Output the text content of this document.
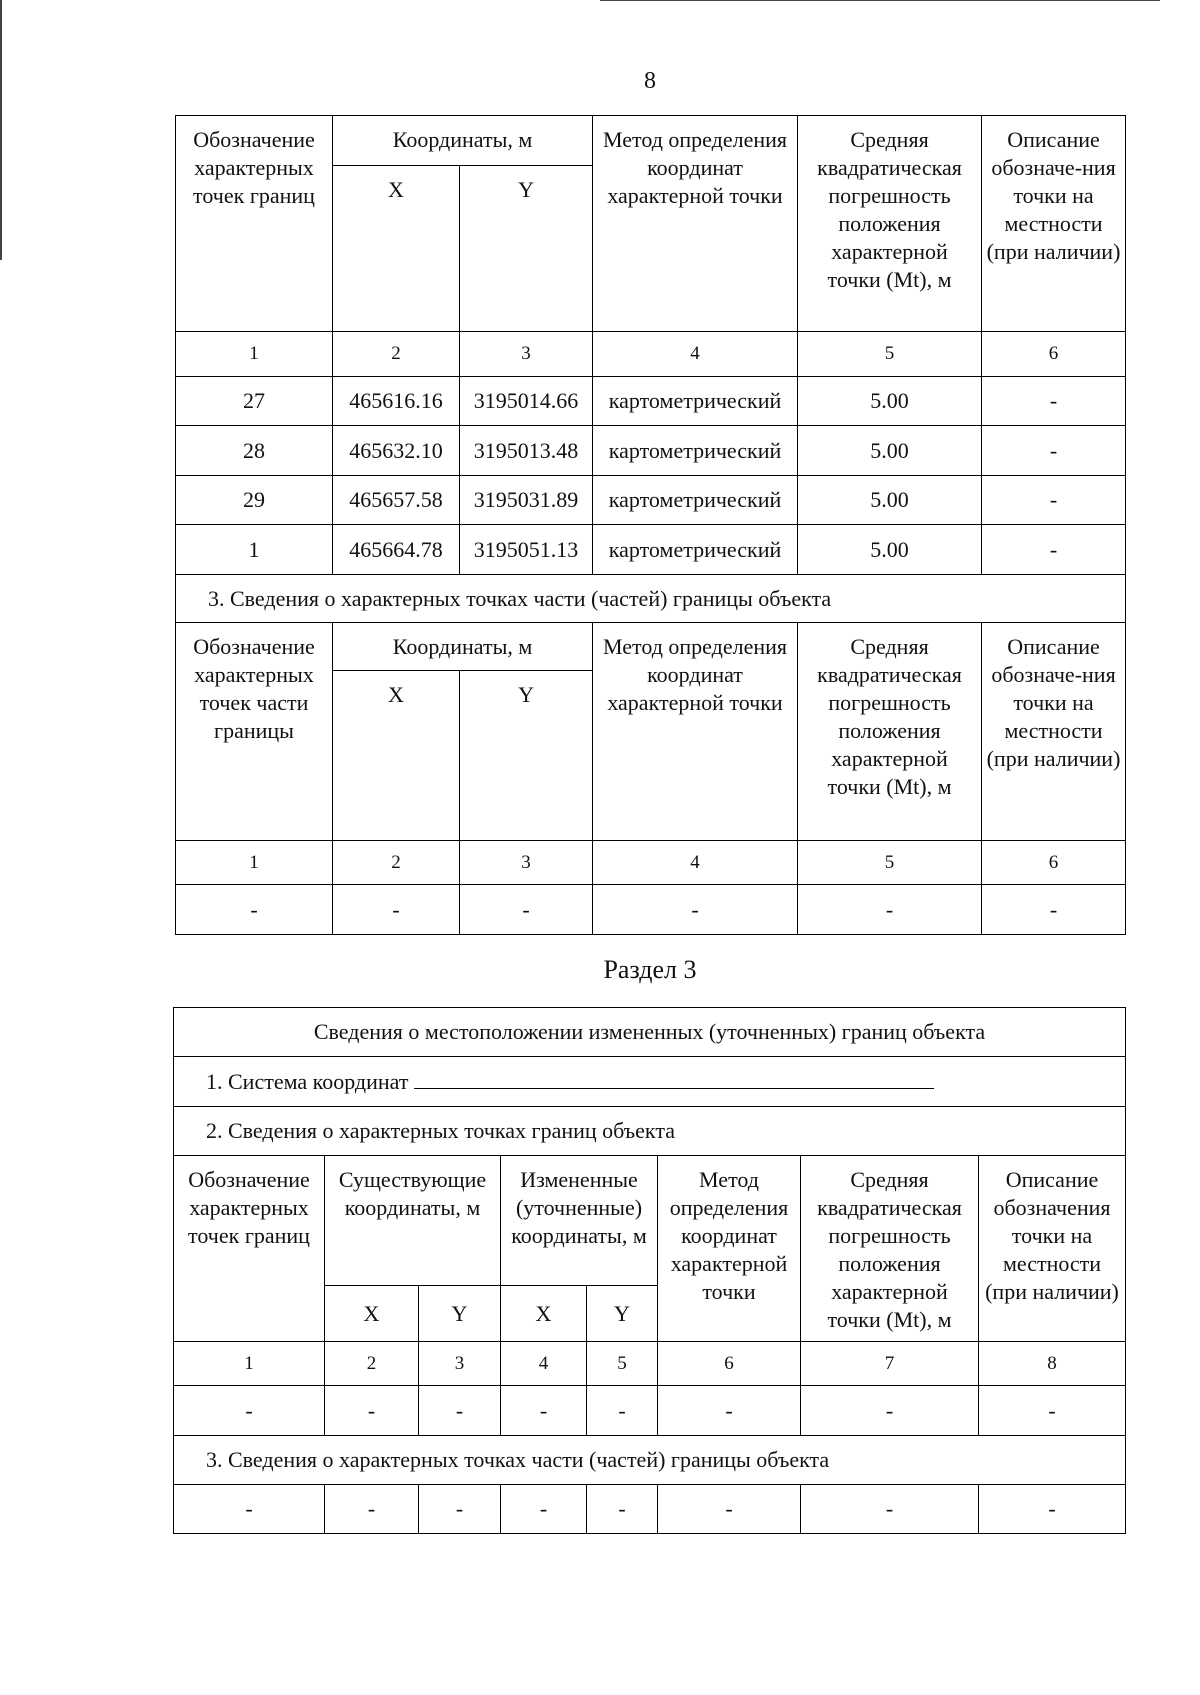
8
Обозначение характерных точек границ	Координаты, м		Метод определения координат характерной точки	Средняя квадратическая погрешность положения характерной точки (Mt), м	Описание обозначе-ния точки на местности (при наличии)
	X	Y			
1	2	3	4	5	6
27	465616.16	3195014.66	картометрический	5.00	-
28	465632.10	3195013.48	картометрический	5.00	-
29	465657.58	3195031.89	картометрический	5.00	-
1	465664.78	3195051.13	картометрический	5.00	-
3. Сведения о характерных точках части (частей) границы объекта					
Обозначение характерных точек части границы	Координаты, м		Метод определения координат характерной точки	Средняя квадратическая погрешность положения характерной точки (Mt), м	Описание обозначе-ния точки на местности (при наличии)
	X	Y			
1	2	3	4	5	6
-	-	-	-	-	-
Раздел 3
Сведения о местоположении измененных (уточненных) границ объекта							
1. Система координат							
2. Сведения о характерных точках границ объекта							
Обозначение характерных точек границ	Существующие координаты, м		Измененные (уточненные) координаты, м		Метод определения координат характерной точки	Средняя квадратическая погрешность положения характерной точки (Mt), м	Описание обозначения точки на местности (при наличии)
	X	Y	X	Y			
1	2	3	4	5	6	7	8
-	-	-	-	-	-	-	-
3. Сведения о характерных точках части (частей) границы объекта							
-	-	-	-	-	-	-	-
